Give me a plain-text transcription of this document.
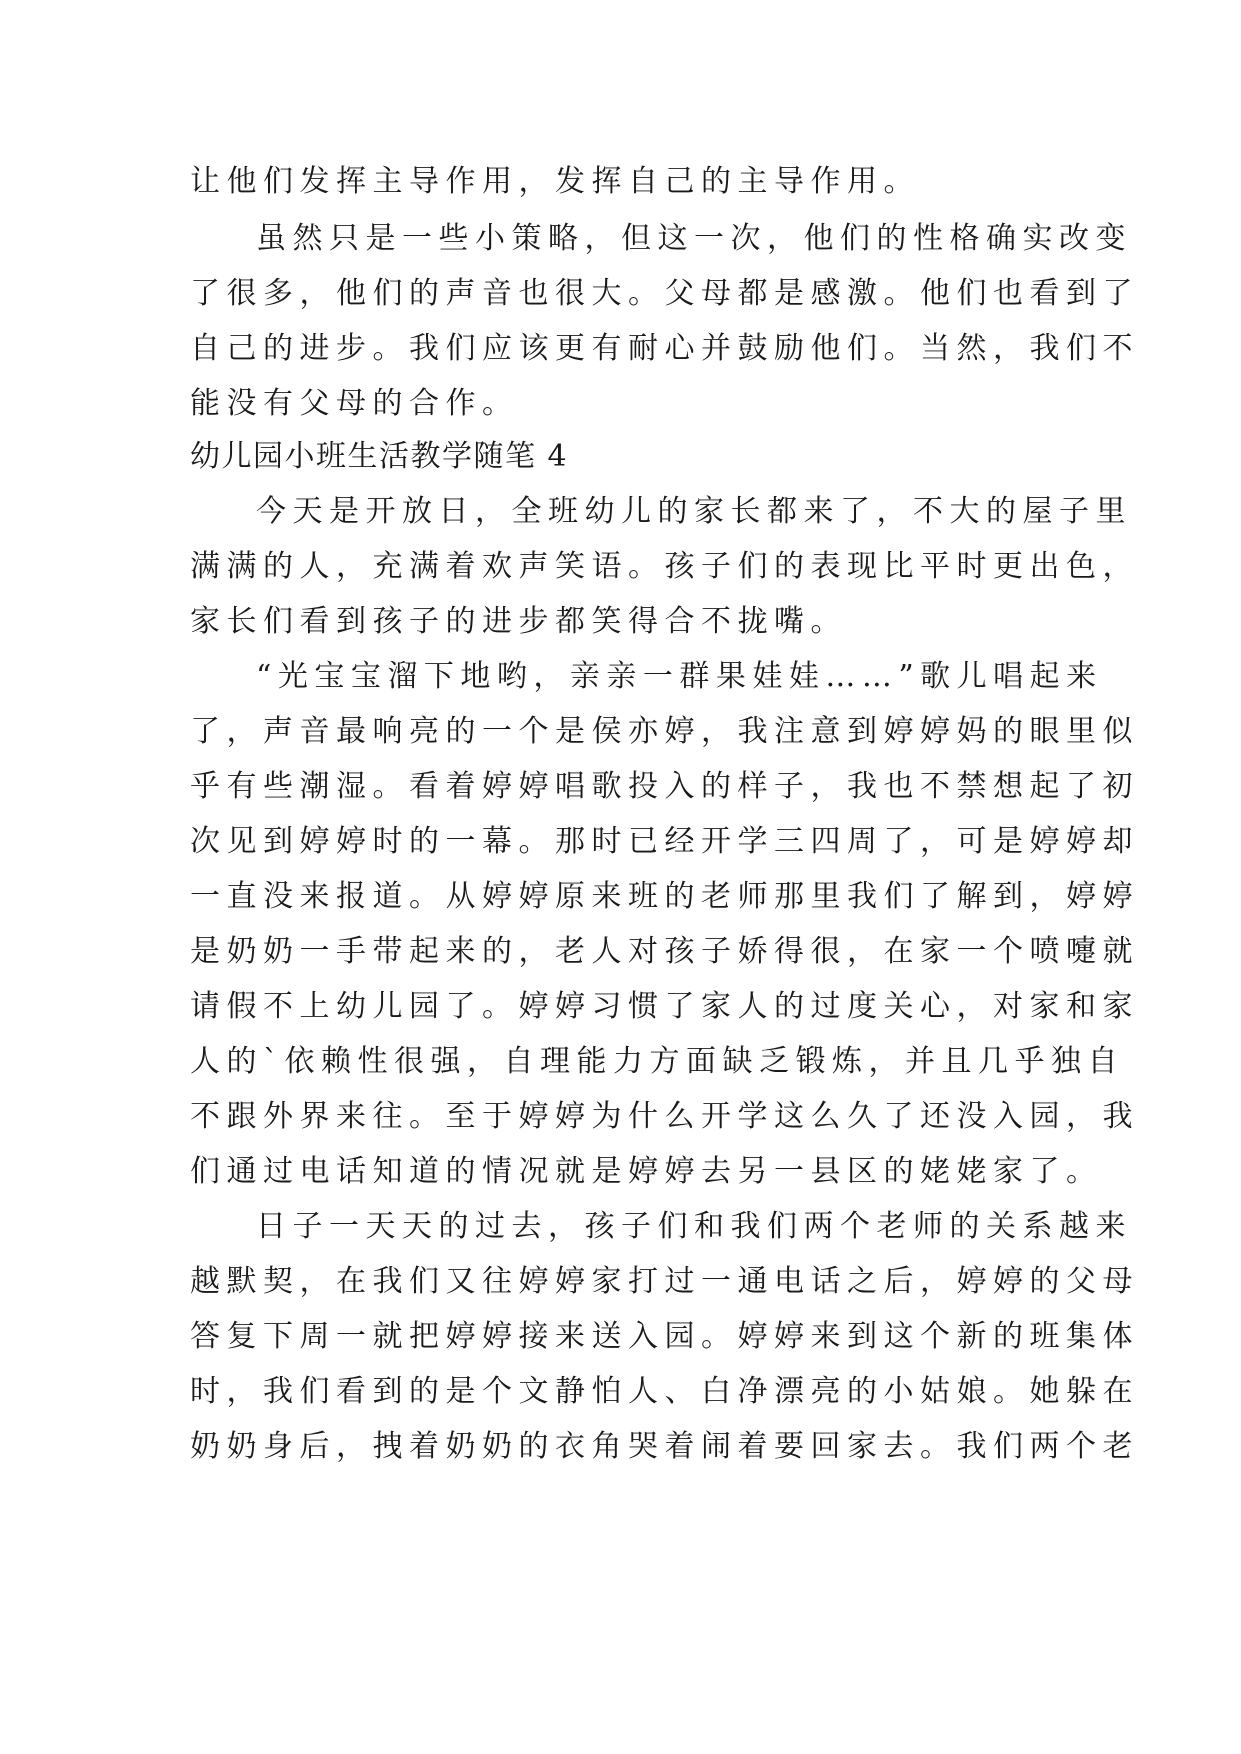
让他们发挥主导作用，发挥自己的主导作用。
虽然只是一些小策略，但这一次，他们的性格确实改变
了很多，他们的声音也很大。父母都是感激。他们也看到了
自己的进步。我们应该更有耐心并鼓励他们。当然，我们不
能没有父母的合作。
幼儿园小班生活教学随笔 4
今天是开放日，全班幼儿的家长都来了，不大的屋子里
满满的人，充满着欢声笑语。孩子们的表现比平时更出色，
家长们看到孩子的进步都笑得合不拢嘴。
“光宝宝溜下地哟，亲亲一群果娃娃……”歌儿唱起来
了，声音最响亮的一个是侯亦婷，我注意到婷婷妈的眼里似
乎有些潮湿。看着婷婷唱歌投入的样子，我也不禁想起了初
次见到婷婷时的一幕。那时已经开学三四周了，可是婷婷却
一直没来报道。从婷婷原来班的老师那里我们了解到，婷婷
是奶奶一手带起来的，老人对孩子娇得很，在家一个喷嚏就
请假不上幼儿园了。婷婷习惯了家人的过度关心，对家和家
人的`依赖性很强，自理能力方面缺乏锻炼，并且几乎独自
不跟外界来往。至于婷婷为什么开学这么久了还没入园，我
们通过电话知道的情况就是婷婷去另一县区的姥姥家了。
日子一天天的过去，孩子们和我们两个老师的关系越来
越默契，在我们又往婷婷家打过一通电话之后，婷婷的父母
答复下周一就把婷婷接来送入园。婷婷来到这个新的班集体
时，我们看到的是个文静怕人、白净漂亮的小姑娘。她躲在
奶奶身后，拽着奶奶的衣角哭着闹着要回家去。我们两个老
